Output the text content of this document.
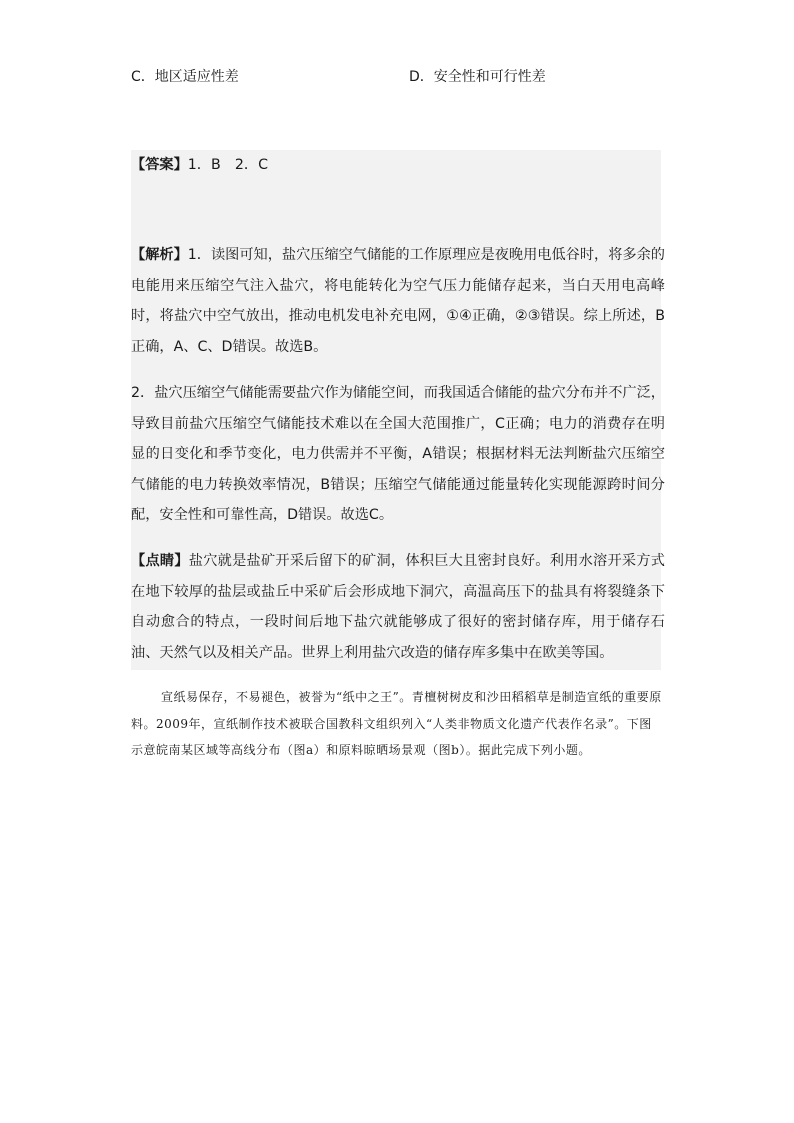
C．地区适应性差	D．安全性和可行性差

【答案】1．B　2．C

【解析】1．读图可知，盐穴压缩空气储能的工作原理应是夜晚用电低谷时，将多余的电能用来压缩空气注入盐穴，将电能转化为空气压力能储存起来，当白天用电高峰时，将盐穴中空气放出，推动电机发电补充电网，①④正确，②③错误。综上所述，B正确，A、C、D错误。故选B。

2．盐穴压缩空气储能需要盐穴作为储能空间，而我国适合储能的盐穴分布并不广泛，导致目前盐穴压缩空气储能技术难以在全国大范围推广，C正确；电力的消费存在明显的日变化和季节变化，电力供需并不平衡，A错误；根据材料无法判断盐穴压缩空气储能的电力转换效率情况，B错误；压缩空气储能通过能量转化实现能源跨时间分配，安全性和可靠性高，D错误。故选C。

【点睛】盐穴就是盐矿开采后留下的矿洞，体积巨大且密封良好。利用水溶开采方式在地下较厚的盐层或盐丘中采矿后会形成地下洞穴，高温高压下的盐具有将裂缝条下自动愈合的特点，一段时间后地下盐穴就能够成了很好的密封储存库，用于储存石油、天然气以及相关产品。世界上利用盐穴改造的储存库多集中在欧美等国。

宣纸易保存，不易褪色，被誉为“纸中之王”。青檀树树皮和沙田稻稻草是制造宣纸的重要原料。2009年，宣纸制作技术被联合国教科文组织列入“人类非物质文化遗产代表作名录”。下图示意皖南某区域等高线分布（图a）和原料晾晒场景观（图b）。据此完成下列小题。
